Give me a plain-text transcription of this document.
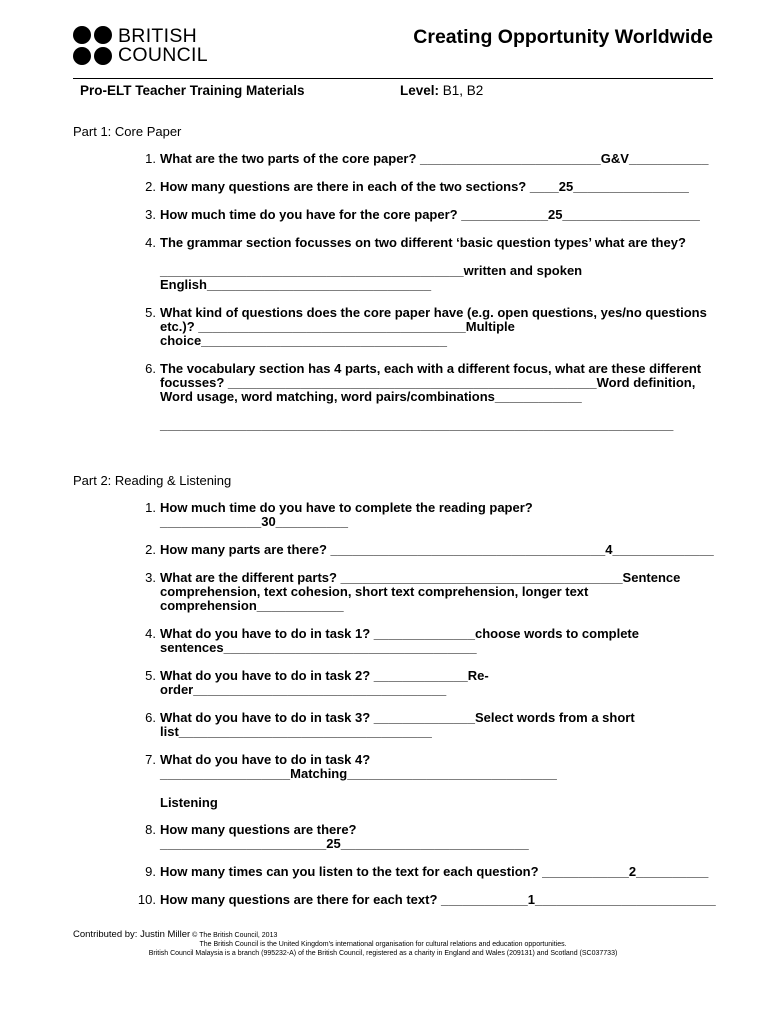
BRITISH
COUNCIL
Creating Opportunity Worldwide
Pro-ELT Teacher Training Materials	Level: B1, B2
Part 1: Core Paper
1. What are the two parts of the core paper? _________________________G&V___________
2. How many questions are there in each of the two sections? ____25________________
3. How much time do you have for the core paper? ____________25___________________
4. The grammar section focusses on two different ‘basic question types’ what are they?
__________________________________________written and spoken
English_______________________________
5. What kind of questions does the core paper have (e.g. open questions, yes/no questions etc.)? _____________________________________Multiple choice__________________________________
6. The vocabulary section has 4 parts, each with a different focus, what are these different focusses? ___________________________________________________Word definition, Word usage, word matching, word pairs/combinations____________
_______________________________________________________________________
Part 2: Reading & Listening
1. How much time do you have to complete the reading paper? ______________30__________
2. How many parts are there? ______________________________________4______________
3. What are the different parts? _______________________________________Sentence comprehension, text cohesion, short text comprehension, longer text comprehension____________
4. What do you have to do in task 1? ______________choose words to complete sentences___________________________________
5. What do you have to do in task 2? _____________Re-order___________________________________
6. What do you have to do in task 3? ______________Select words from a short list___________________________________
7. What do you have to do in task 4? __________________Matching_____________________________
Listening
8. How many questions are there? _______________________25__________________________
9. How many times can you listen to the text for each question? ____________2__________
10. How many questions are there for each text? ____________1_________________________
Contributed by: Justin Miller © The British Council, 2013
The British Council is the United Kingdom's international organisation for cultural relations and education opportunities.
British Council Malaysia is a branch (995232-A) of the British Council, registered as a charity in England and Wales (209131) and Scotland (SC037733)
